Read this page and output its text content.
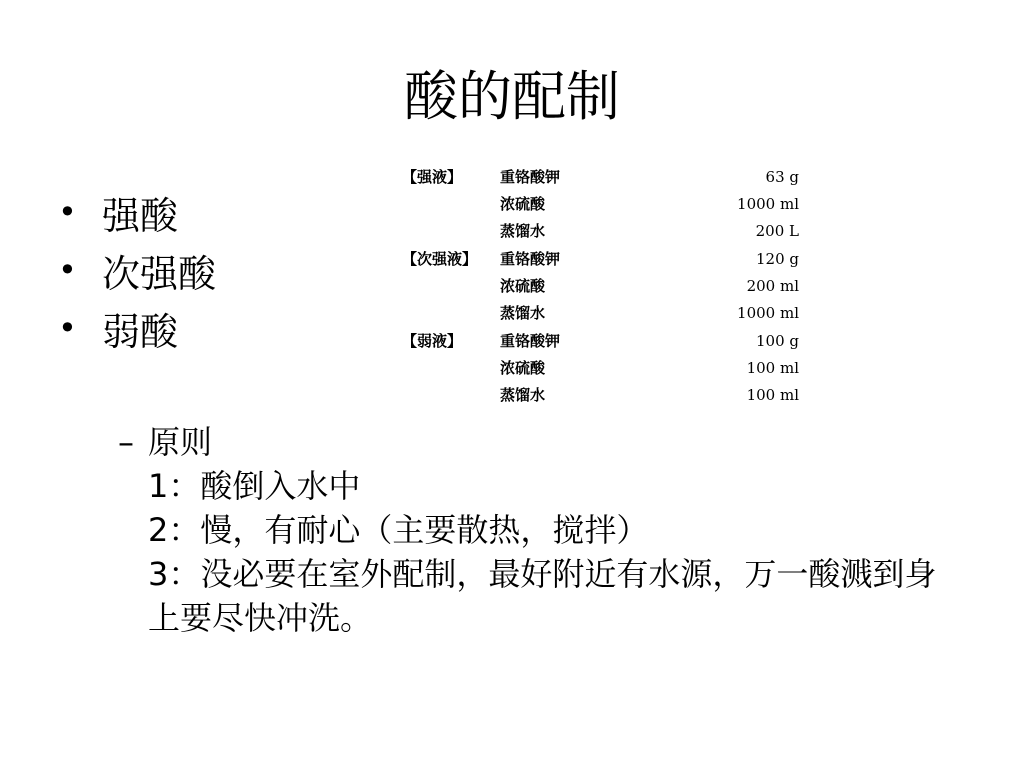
酸的配制
• 强酸
• 次强酸
• 弱酸
【强液】	重铬酸钾	63 g
浓硫酸	1000 ml
蒸馏水	200 L
【次强液】	重铬酸钾	120 g
浓硫酸	200 ml
蒸馏水	1000 ml
【弱液】	重铬酸钾	100 g
浓硫酸	100 ml
蒸馏水	100 ml
– 原则
1：酸倒入水中
2：慢，有耐心（主要散热，搅拌）
3：没必要在室外配制，最好附近有水源，万一酸溅到身上要尽快冲洗。
